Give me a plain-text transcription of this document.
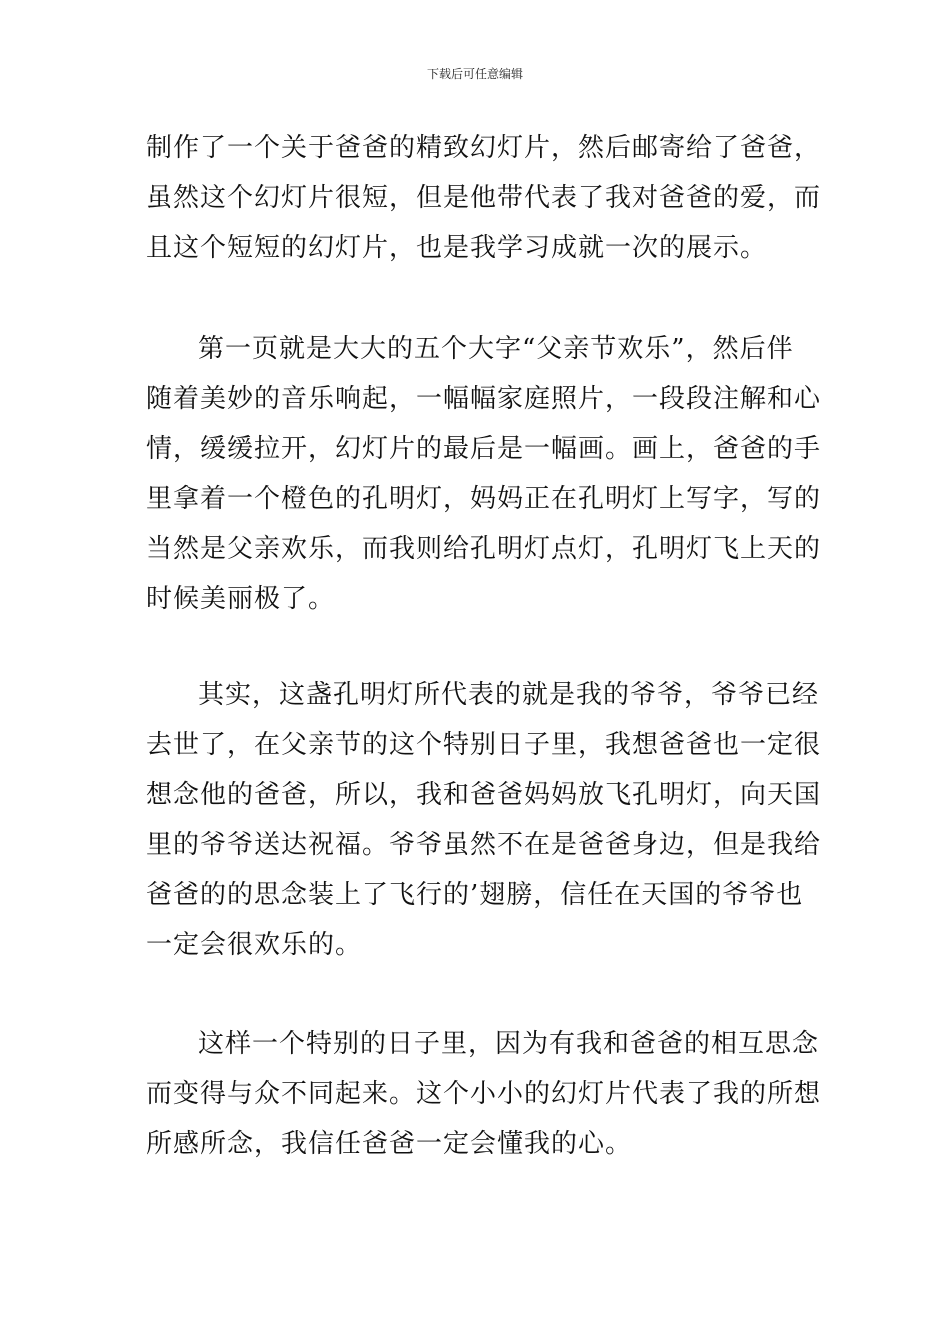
下载后可任意编辑
制作了一个关于爸爸的精致幻灯片，然后邮寄给了爸爸，
虽然这个幻灯片很短，但是他带代表了我对爸爸的爱，而
且这个短短的幻灯片，也是我学习成就一次的展示。
第一页就是大大的五个大字“父亲节欢乐”，然后伴
随着美妙的音乐响起，一幅幅家庭照片，一段段注解和心
情，缓缓拉开，幻灯片的最后是一幅画。画上，爸爸的手
里拿着一个橙色的孔明灯，妈妈正在孔明灯上写字，写的
当然是父亲欢乐，而我则给孔明灯点灯，孔明灯飞上天的
时候美丽极了。
其实，这盏孔明灯所代表的就是我的爷爷，爷爷已经
去世了，在父亲节的这个特别日子里，我想爸爸也一定很
想念他的爸爸，所以，我和爸爸妈妈放飞孔明灯，向天国
里的爷爷送达祝福。爷爷虽然不在是爸爸身边，但是我给
爸爸的的思念装上了飞行的’翅膀，信任在天国的爷爷也
一定会很欢乐的。
这样一个特别的日子里，因为有我和爸爸的相互思念
而变得与众不同起来。这个小小的幻灯片代表了我的所想
所感所念，我信任爸爸一定会懂我的心。
